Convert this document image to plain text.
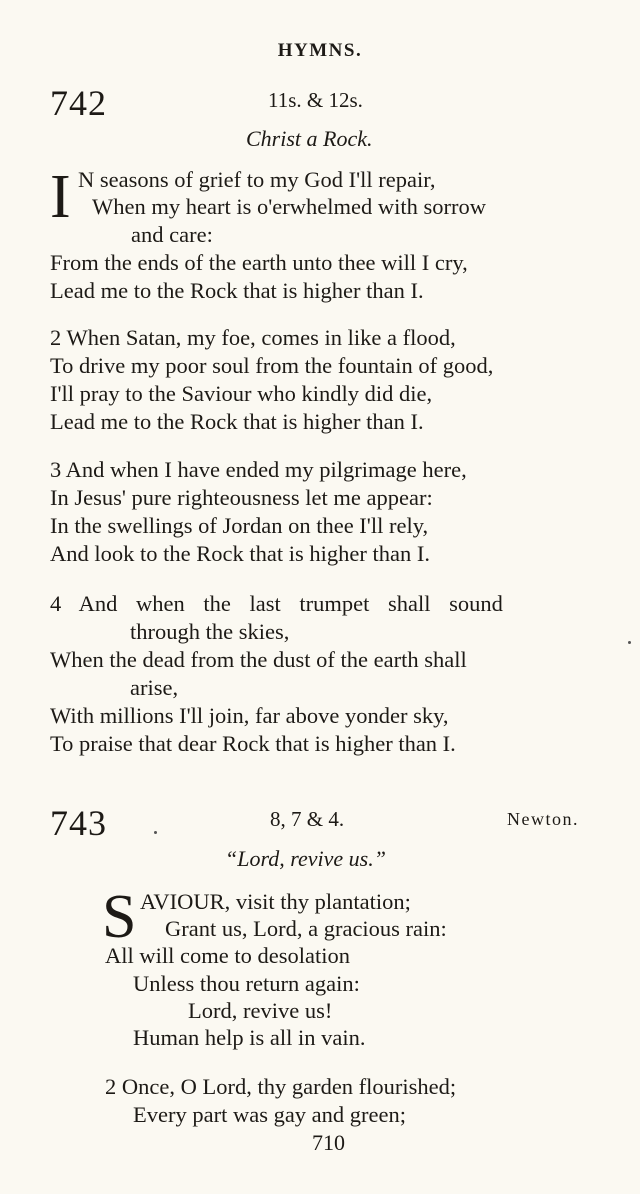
HYMNS.
742	11s. & 12s.
Christ a Rock.
I N seasons of grief to my God I'll repair,
When my heart is o'erwhelmed with sorrow
and care:
From the ends of the earth unto thee will I cry,
Lead me to the Rock that is higher than I.
2 When Satan, my foe, comes in like a flood,
To drive my poor soul from the fountain of good,
I'll pray to the Saviour who kindly did die,
Lead me to the Rock that is higher than I.
3 And when I have ended my pilgrimage here,
In Jesus' pure righteousness let me appear:
In the swellings of Jordan on thee I'll rely,
And look to the Rock that is higher than I.
4 And when the last trumpet shall sound
through the skies,
When the dead from the dust of the earth shall
arise,
With millions I'll join, far above yonder sky,
To praise that dear Rock that is higher than I.
743	8, 7 & 4.	Newton.
“Lord, revive us.”
S AVIOUR, visit thy plantation;
Grant us, Lord, a gracious rain:
All will come to desolation
Unless thou return again:
Lord, revive us!
Human help is all in vain.
2 Once, O Lord, thy garden flourished;
Every part was gay and green;
710
